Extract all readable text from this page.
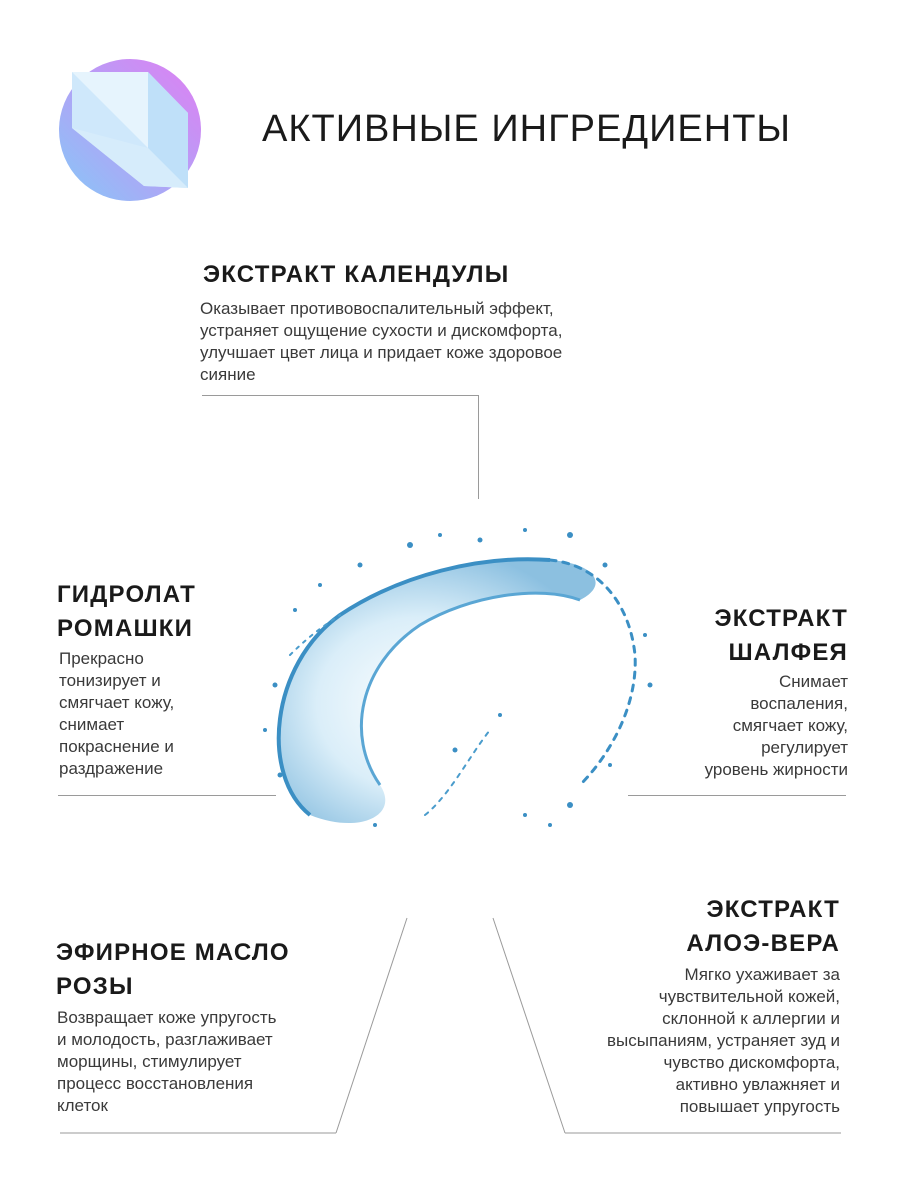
АКТИВНЫЕ ИНГРЕДИЕНТЫ
ЭКСТРАКТ КАЛЕНДУЛЫ
Оказывает противовоспалительный эффект,
устраняет ощущение сухости и дискомфорта,
улучшает цвет лица и придает коже здоровое
сияние
ГИДРОЛАТ
РОМАШКИ
Прекрасно
тонизирует и
смягчает кожу,
снимает
покраснение и
раздражение
ЭКСТРАКТ
ШАЛФЕЯ
Снимает
воспаления,
смягчает кожу,
регулирует
уровень жирности
ЭФИРНОЕ МАСЛО
РОЗЫ
Возвращает коже упругость
и молодость, разглаживает
морщины, стимулирует
процесс восстановления
клеток
ЭКСТРАКТ
АЛОЭ-ВЕРА
Мягко ухаживает за
чувствительной кожей,
склонной к аллергии и
высыпаниям, устраняет зуд и
чувство дискомфорта,
активно увлажняет и
повышает упругость
